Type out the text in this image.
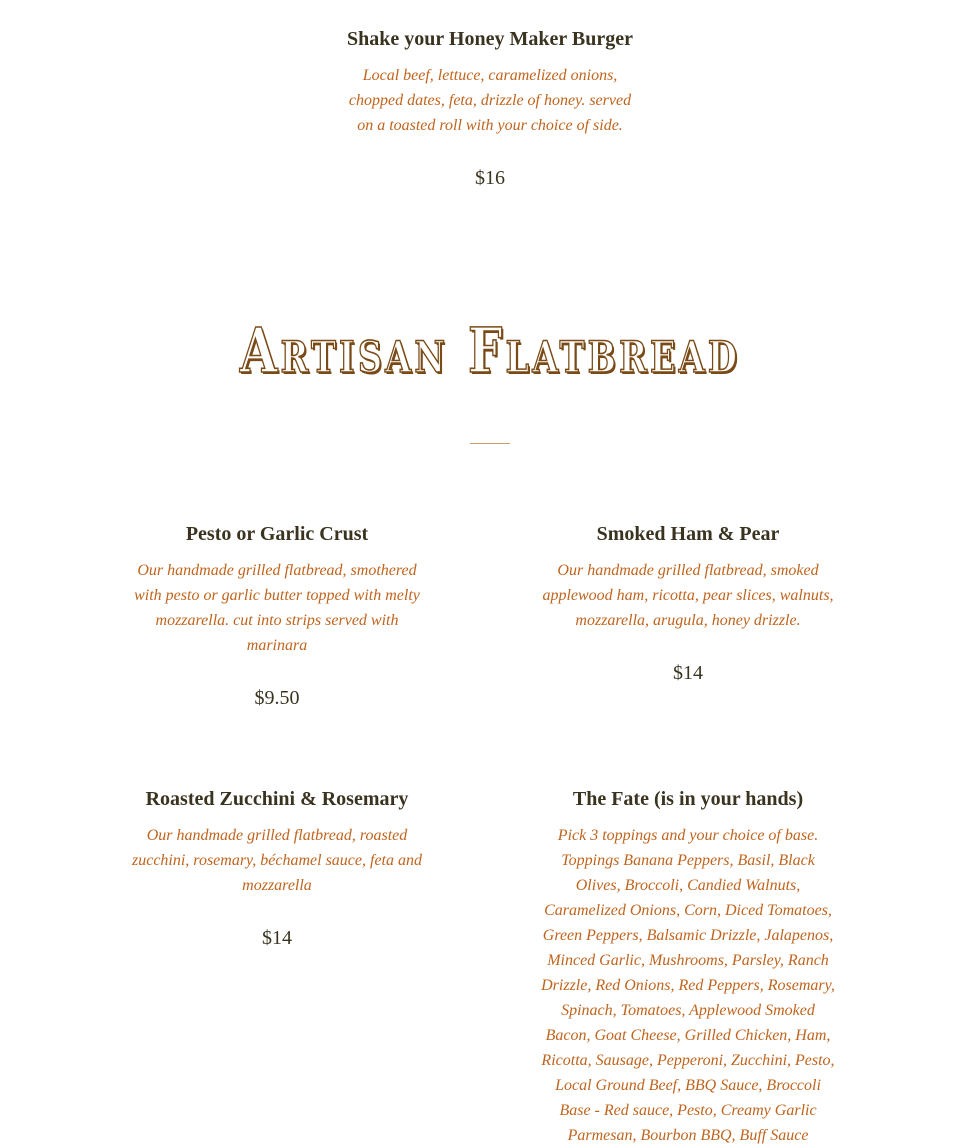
Shake your Honey Maker Burger

Local beef, lettuce, caramelized onions, chopped dates, feta, drizzle of honey. served on a toasted roll with your choice of side.

$16

Artisan Flatbread
Pesto or Garlic Crust

Our handmade grilled flatbread, smothered with pesto or garlic butter topped with melty mozzarella. cut into strips served with marinara

$9.50

Smoked Ham & Pear

Our handmade grilled flatbread, smoked applewood ham, ricotta, pear slices, walnuts, mozzarella, arugula, honey drizzle.

$14

Roasted Zucchini & Rosemary

Our handmade grilled flatbread, roasted zucchini, rosemary, béchamel sauce, feta and mozzarella

$14

The Fate (is in your hands)

Pick 3 toppings and your choice of base. Toppings Banana Peppers, Basil, Black Olives, Broccoli, Candied Walnuts, Caramelized Onions, Corn, Diced Tomatoes, Green Peppers, Balsamic Drizzle, Jalapenos, Minced Garlic, Mushrooms, Parsley, Ranch Drizzle, Red Onions, Red Peppers, Rosemary, Spinach, Tomatoes, Applewood Smoked Bacon, Goat Cheese, Grilled Chicken, Ham, Ricotta, Sausage, Pepperoni, Zucchini, Pesto, Local Ground Beef, BBQ Sauce, Broccoli Base - Red sauce, Pesto, Creamy Garlic Parmesan, Bourbon BBQ, Buff Sauce
